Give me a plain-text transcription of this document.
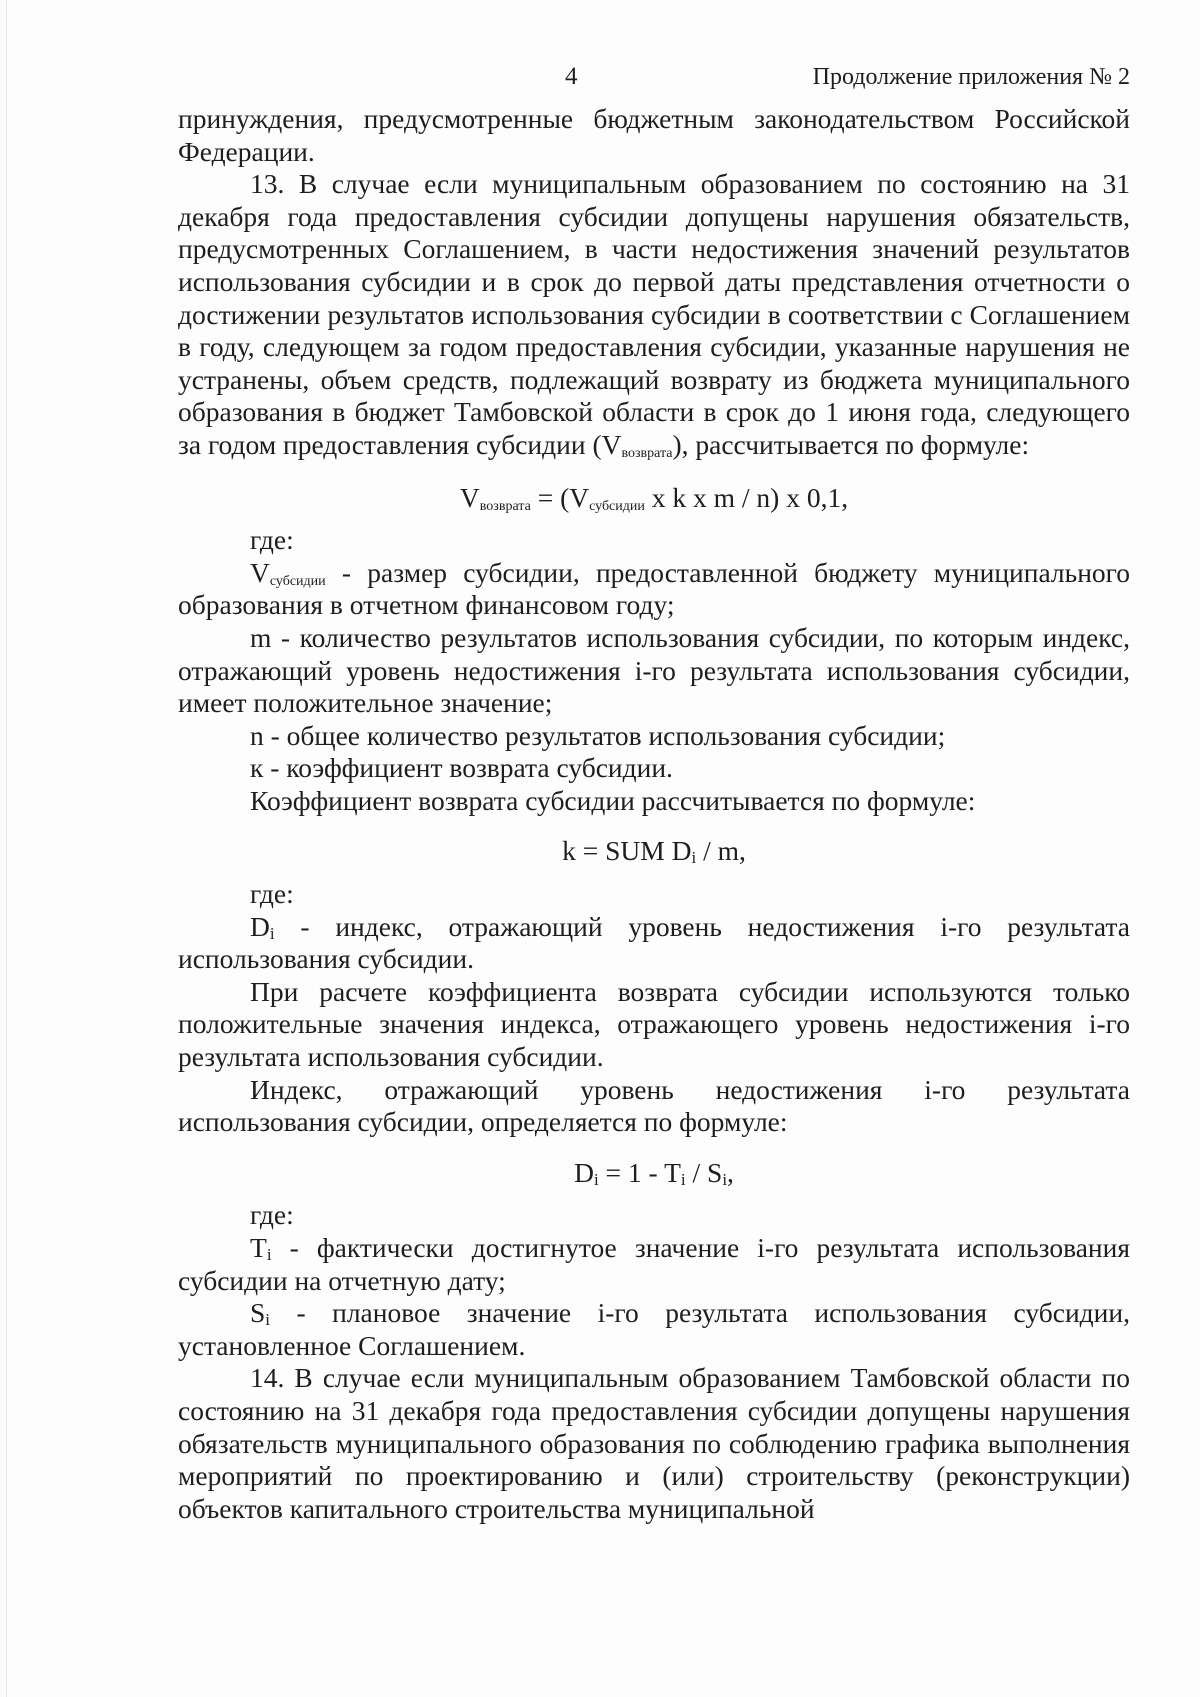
4	Продолжение приложения № 2

принуждения, предусмотренные бюджетным законодательством Российской Федерации.

13. В случае если муниципальным образованием по состоянию на 31 декабря года предоставления субсидии допущены нарушения обязательств, предусмотренных Соглашением, в части недостижения значений результатов использования субсидии и в срок до первой даты представления отчетности о достижении результатов использования субсидии в соответствии с Соглашением в году, следующем за годом предоставления субсидии, указанные нарушения не устранены, объем средств, подлежащий возврату из бюджета муниципального образования в бюджет Тамбовской области в срок до 1 июня года, следующего за годом предоставления субсидии $(V_{возврата})$, рассчитывается по формуле:

$V_{возврата} = (V_{субсидии}$ x k x m / n) x 0,1,

где:

$V_{субсидии}$ - размер субсидии, предоставленной бюджету муниципального образования в отчетном финансовом году;

m - количество результатов использования субсидии, по которым индекс, отражающий уровень недостижения i-го результата использования субсидии, имеет положительное значение;

n - общее количество результатов использования субсидии;

к - коэффициент возврата субсидии.

Коэффициент возврата субсидии рассчитывается по формуле:

k = SUM $D_i$ / m,

где:

$D_i$ - индекс, отражающий уровень недостижения i-го результата использования субсидии.

При расчете коэффициента возврата субсидии используются только положительные значения индекса, отражающего уровень недостижения i-го результата использования субсидии.

Индекс, отражающий уровень недостижения i-го результата использования субсидии, определяется по формуле:

$D_i = 1 - T_i / S_i$,

где:

$T_i$ - фактически достигнутое значение i-го результата использования субсидии на отчетную дату;

$S_i$ - плановое значение i-го результата использования субсидии, установленное Соглашением.

14. В случае если муниципальным образованием Тамбовской области по состоянию на 31 декабря года предоставления субсидии допущены нарушения обязательств муниципального образования по соблюдению графика выполнения мероприятий по проектированию и (или) строительству (реконструкции) объектов капитального строительства муниципальной
